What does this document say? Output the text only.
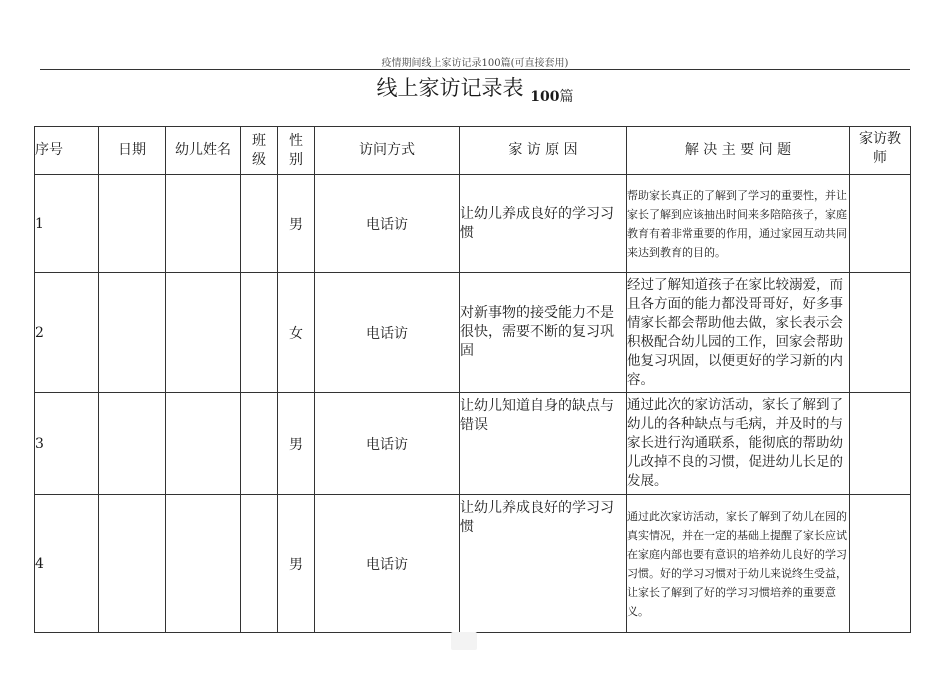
疫情期间线上家访记录100篇(可直接套用)
线上家访记录表 $_{100篇}$
序号	日期	幼儿姓名	班级	性别	访问方式	家 访 原 因	解 决 主 要 问 题	家访教师
1				男	电话访	让幼儿养成良好的学习习惯	帮助家长真正的了解到了学习的重要性，并让家长了解到应该抽出时间来多陪陪孩子，家庭教育有着非常重要的作用，通过家园互动共同来达到教育的目的。	
2				女	电话访	对新事物的接受能力不是很快，需要不断的复习巩固	经过了解知道孩子在家比较溺爱，而且各方面的能力都没哥哥好，好多事情家长都会帮助他去做，家长表示会积极配合幼儿园的工作，回家会帮助他复习巩固，以便更好的学习新的内容。	
3				男	电话访	让幼儿知道自身的缺点与错误	通过此次的家访活动，家长了解到了幼儿的各种缺点与毛病，并及时的与家长进行沟通联系，能彻底的帮助幼儿改掉不良的习惯，促进幼儿长足的发展。	
4				男	电话访	让幼儿养成良好的学习习惯	通过此次家访活动，家长了解到了幼儿在园的真实情况，并在一定的基础上提醒了家长应试在家庭内部也要有意识的培养幼儿良好的学习习惯。好的学习习惯对于幼儿来说终生受益，让家长了解到了好的学习习惯培养的重要意义。	
